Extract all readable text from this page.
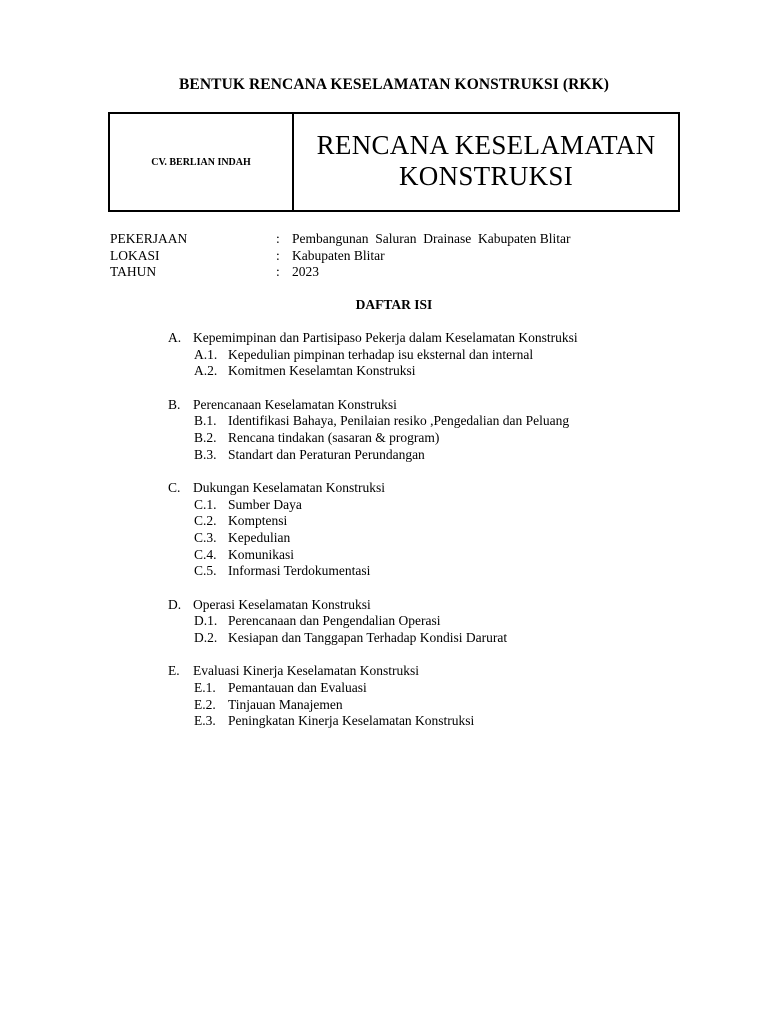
BENTUK RENCANA KESELAMATAN KONSTRUKSI (RKK)
CV. BERLIAN INDAH
RENCANA KESELAMATAN
KONSTRUKSI
PEKERJAAN	: Pembangunan  Saluran  Drainase  Kabupaten Blitar
LOKASI	: Kabupaten Blitar
TAHUN	: 2023
DAFTAR ISI
A. Kepemimpinan dan Partisipaso Pekerja dalam Keselamatan Konstruksi
A.1. Kepedulian pimpinan terhadap isu eksternal dan internal
A.2. Komitmen Keselamtan Konstruksi
B. Perencanaan Keselamatan Konstruksi
B.1. Identifikasi Bahaya, Penilaian resiko ,Pengedalian dan Peluang
B.2. Rencana tindakan (sasaran & program)
B.3. Standart dan Peraturan Perundangan
C. Dukungan Keselamatan Konstruksi
C.1. Sumber Daya
C.2. Komptensi
C.3. Kepedulian
C.4. Komunikasi
C.5. Informasi Terdokumentasi
D. Operasi Keselamatan Konstruksi
D.1. Perencanaan dan Pengendalian Operasi
D.2. Kesiapan dan Tanggapan Terhadap Kondisi Darurat
E. Evaluasi Kinerja Keselamatan Konstruksi
E.1. Pemantauan dan Evaluasi
E.2. Tinjauan Manajemen
E.3. Peningkatan Kinerja Keselamatan Konstruksi
